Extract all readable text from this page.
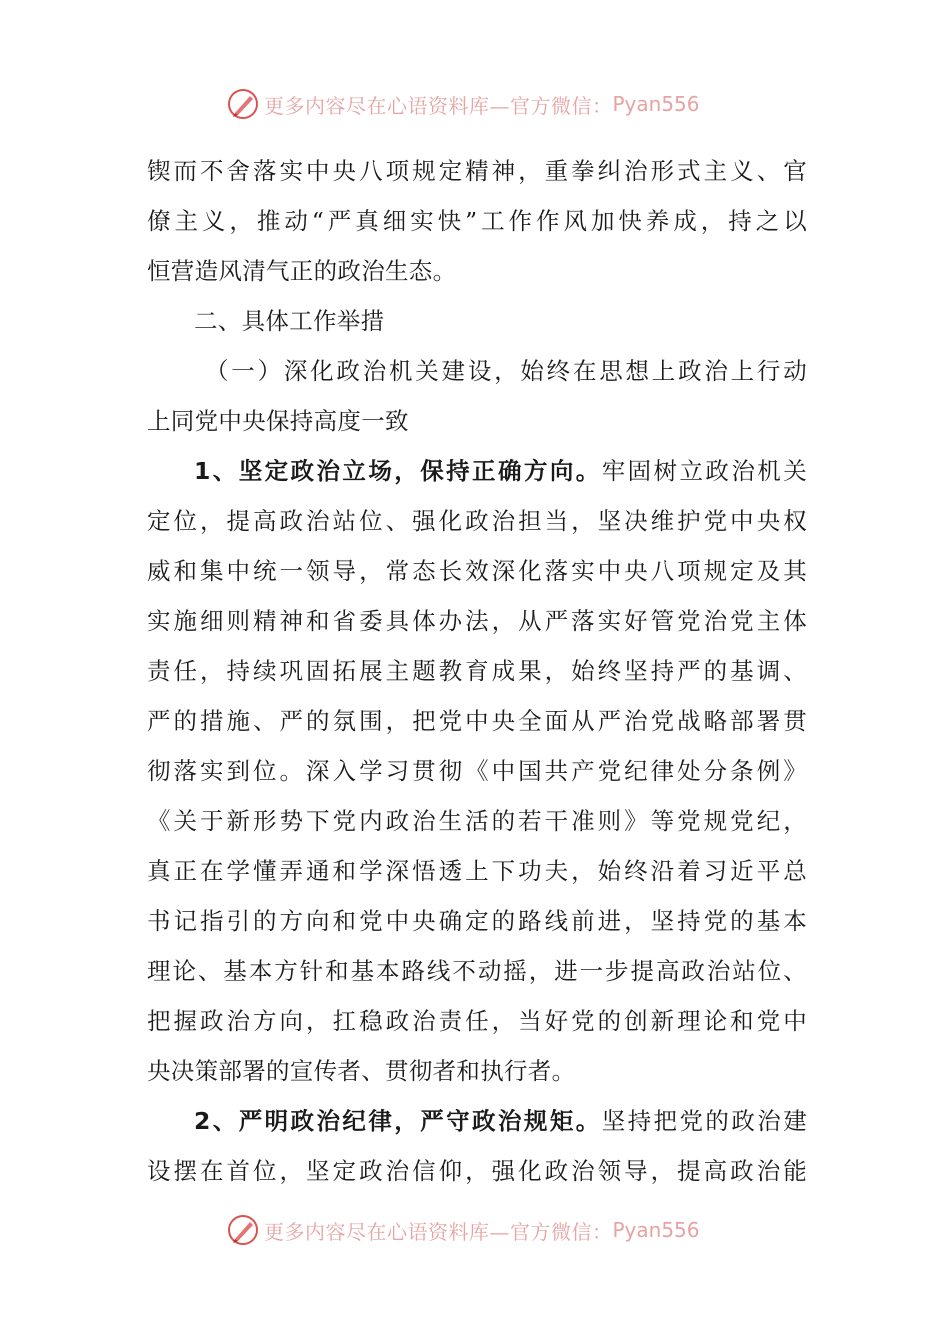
更多内容尽在心语资料库—官方微信： Pyan556
锲而不舍落实中央八项规定精神，重拳纠治形式主义、官
僚主义，推动“严真细实快”工作作风加快养成，持之以
恒营造风清气正的政治生态。
二、具体工作举措
（一）深化政治机关建设，始终在思想上政治上行动
上同党中央保持高度一致
1、坚定政治立场，保持正确方向。牢固树立政治机关
定位，提高政治站位、强化政治担当，坚决维护党中央权
威和集中统一领导，常态长效深化落实中央八项规定及其
实施细则精神和省委具体办法，从严落实好管党治党主体
责任，持续巩固拓展主题教育成果，始终坚持严的基调、
严的措施、严的氛围，把党中央全面从严治党战略部署贯
彻落实到位。深入学习贯彻《中国共产党纪律处分条例》
《关于新形势下党内政治生活的若干准则》等党规党纪，
真正在学懂弄通和学深悟透上下功夫，始终沿着习近平总
书记指引的方向和党中央确定的路线前进，坚持党的基本
理论、基本方针和基本路线不动摇，进一步提高政治站位、
把握政治方向，扛稳政治责任，当好党的创新理论和党中
央决策部署的宣传者、贯彻者和执行者。
2、严明政治纪律，严守政治规矩。坚持把党的政治建
设摆在首位，坚定政治信仰，强化政治领导，提高政治能
更多内容尽在心语资料库—官方微信： Pyan556
